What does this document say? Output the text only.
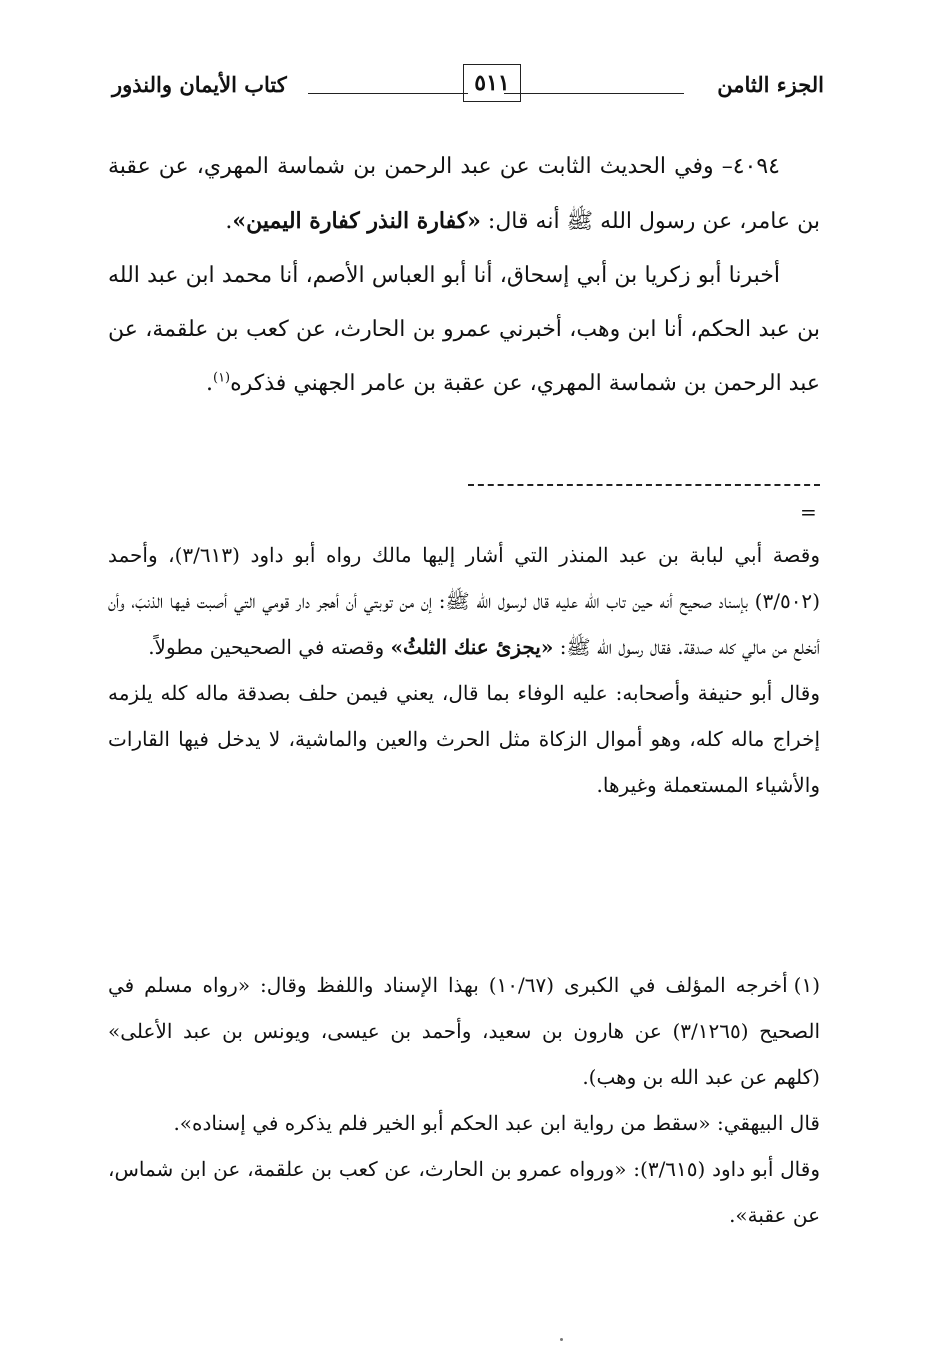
الجزء الثامن
٥١١
كتاب الأيمان والنذور

٤٠٩٤– وفي الحديث الثابت عن عبد الرحمن بن شماسة المهري، عن عقبة بن عامر، عن رسول الله ﷺ أنه قال: «كفارة النذر كفارة اليمين».

أخبرنا أبو زكريا بن أبي إسحاق، أنا أبو العباس الأصم، أنا محمد ابن عبد الله بن عبد الحكم، أنا ابن وهب، أخبرني عمرو بن الحارث، عن كعب بن علقمة، عن عبد الرحمن بن شماسة المهري، عن عقبة بن عامر الجهني فذكره$^{(١)}$.

=

وقصة أبي لبابة بن عبد المنذر التي أشار إليها مالك رواه أبو داود (٣/٦١٣)، وأحمد (٣/٥٠٢) بإسناد صحيح أنه حين تاب الله عليه قال لرسول الله ﷺ: إن من توبتي أن أهجر دار قومي التي أصبت فيها الذنبَ، وأن أنخلع من مالي كله صدقة. فقال رسول الله ﷺ: «يجزئ عنك الثلثُ» وقصته في الصحيحين مطولاً.

وقال أبو حنيفة وأصحابه: عليه الوفاء بما قال، يعني فيمن حلف بصدقة ماله كله يلزمه إخراج ماله كله، وهو أموال الزكاة مثل الحرث والعين والماشية، لا يدخل فيها القارات والأشياء المستعملة وغيرها.

(١)أخرجه المؤلف في الكبرى (١٠/٦٧) بهذا الإسناد واللفظ وقال: «رواه مسلم في الصحيح (٣/١٢٦٥) عن هارون بن سعيد، وأحمد بن عيسى، ويونس بن عبد الأعلى» (كلهم عن عبد الله بن وهب).

قال البيهقي: «سقط من رواية ابن عبد الحكم أبو الخير فلم يذكره في إسناده».

وقال أبو داود (٣/٦١٥): «ورواه عمرو بن الحارث، عن كعب بن علقمة، عن ابن شماس، عن عقبة».
